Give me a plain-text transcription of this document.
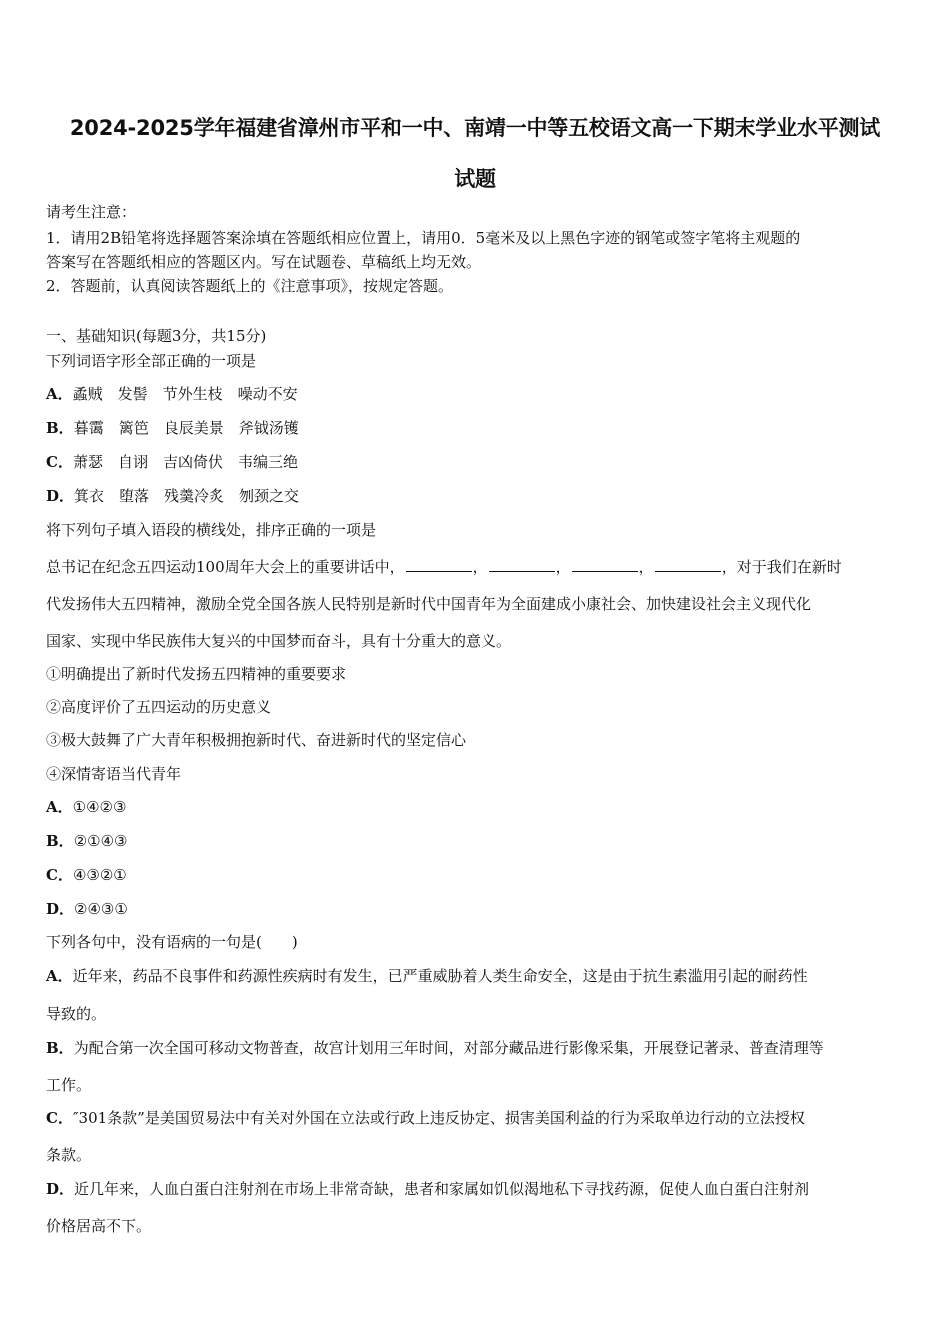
2024-2025学年福建省漳州市平和一中、南靖一中等五校语文高一下期末学业水平测试
试题
请考生注意：
1．请用2B铅笔将选择题答案涂填在答题纸相应位置上，请用0．5毫米及以上黑色字迹的钢笔或签字笔将主观题的
答案写在答题纸相应的答题区内。写在试题卷、草稿纸上均无效。
2．答题前，认真阅读答题纸上的《注意事项》，按规定答题。
一、基础知识(每题3分，共15分)
下列词语字形全部正确的一项是
A．蟊贼　发髻　节外生枝　噪动不安
B．暮霭　篱笆　良辰美景　斧钺汤镬
C．萧瑟　自诩　吉凶倚伏　韦编三绝
D．箕衣　堕落　残羹冷炙　刎颈之交
将下列句子填入语段的横线处，排序正确的一项是
总书记在纪念五四运动100周年大会上的重要讲话中，	，	，	，	，对于我们在新时
代发扬伟大五四精神，激励全党全国各族人民特别是新时代中国青年为全面建成小康社会、加快建设社会主义现代化
国家、实现中华民族伟大复兴的中国梦而奋斗，具有十分重大的意义。
①明确提出了新时代发扬五四精神的重要要求
②高度评价了五四运动的历史意义
③极大鼓舞了广大青年积极拥抱新时代、奋进新时代的坚定信心
④深情寄语当代青年
A．①④②③
B．②①④③
C．④③②①
D．②④③①
下列各句中，没有语病的一句是(　　)
A．近年来，药品不良事件和药源性疾病时有发生，已严重威胁着人类生命安全，这是由于抗生素滥用引起的耐药性
导致的。
B．为配合第一次全国可移动文物普查，故宫计划用三年时间，对部分藏品进行影像采集，开展登记著录、普查清理等
工作。
C．″301条款”是美国贸易法中有关对外国在立法或行政上违反协定、损害美国利益的行为采取单边行动的立法授权
条款。
D．近几年来，人血白蛋白注射剂在市场上非常奇缺，患者和家属如饥似渴地私下寻找药源，促使人血白蛋白注射剂
价格居高不下。
